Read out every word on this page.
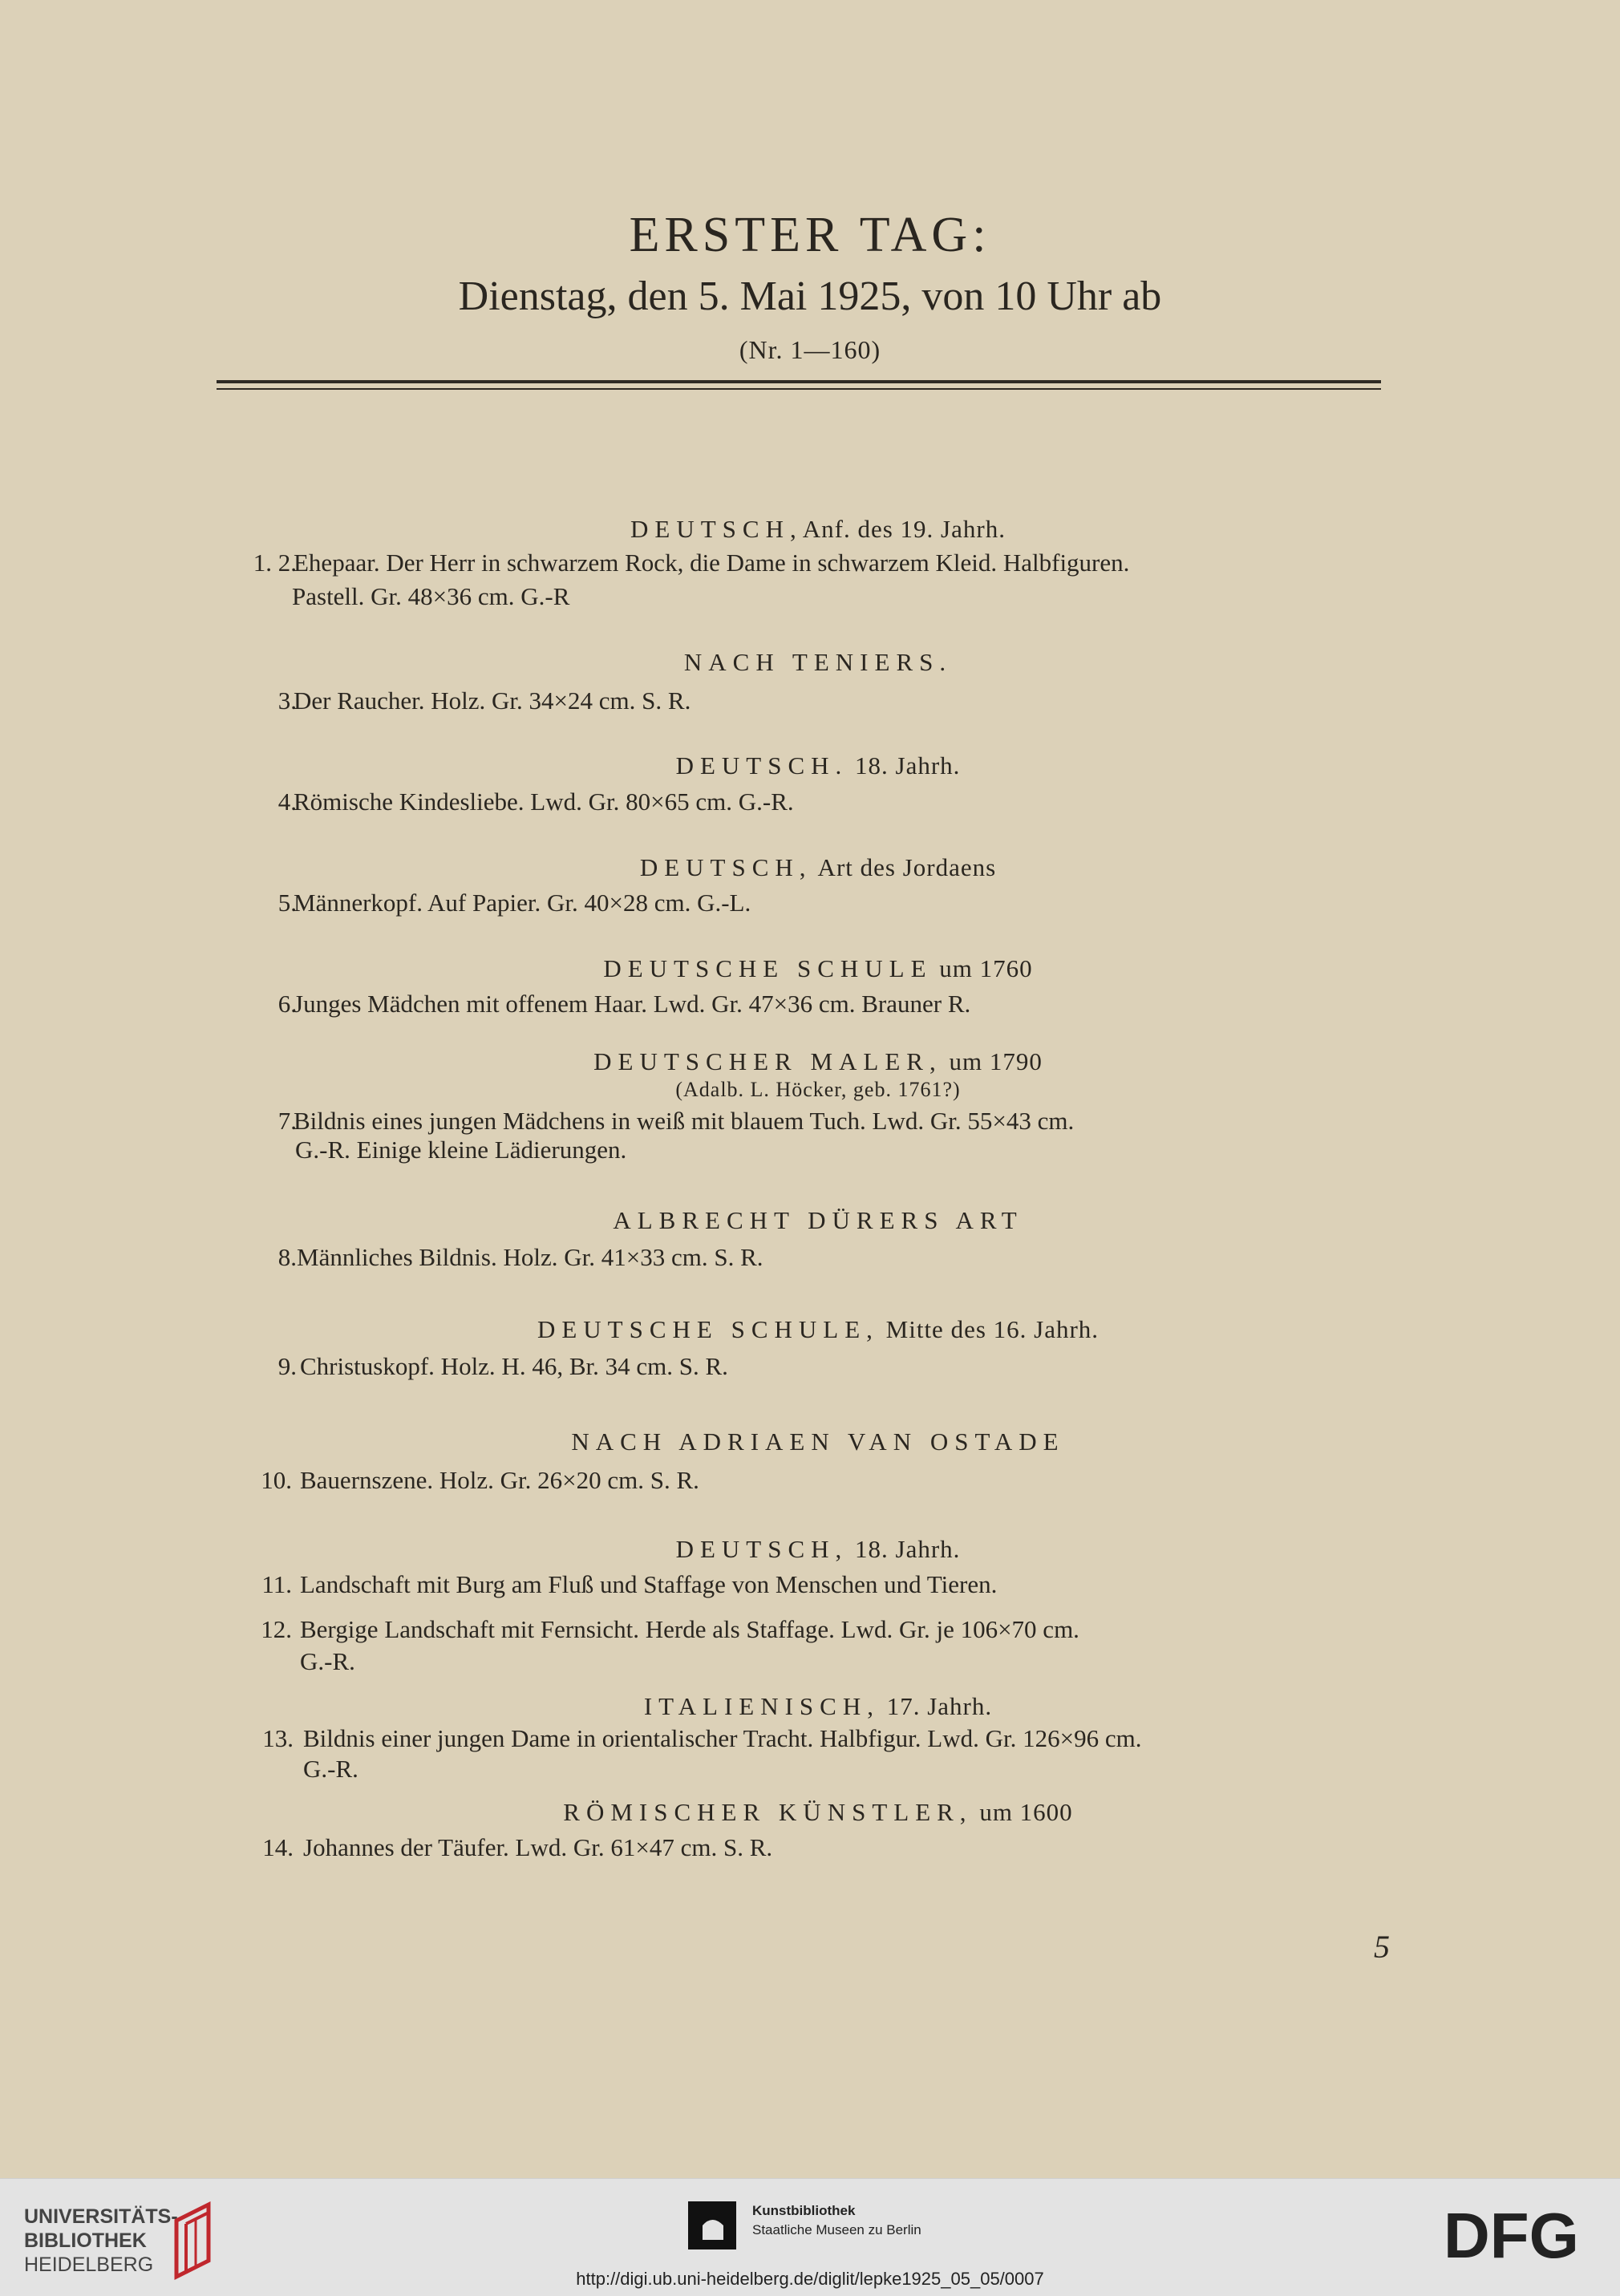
ERSTER TAG:
Dienstag, den 5. Mai 1925, von 10 Uhr ab
(Nr. 1—160)
DEUTSCH, Anf. des 19. Jahrh.
1. 2.
Ehepaar. Der Herr in schwarzem Rock, die Dame in schwarzem Kleid. Halbfiguren.
Pastell. Gr. 48×36 cm. G.-R
NACH TENIERS.
3.
Der Raucher. Holz. Gr. 34×24 cm. S. R.
DEUTSCH. 18. Jahrh.
4.
Römische Kindesliebe. Lwd. Gr. 80×65 cm. G.-R.
DEUTSCH, Art des Jordaens
5.
Männerkopf. Auf Papier. Gr. 40×28 cm. G.-L.
DEUTSCHE SCHULE um 1760
6.
Junges Mädchen mit offenem Haar. Lwd. Gr. 47×36 cm. Brauner R.
DEUTSCHER MALER, um 1790
(Adalb. L. Höcker, geb. 1761?)
7.
Bildnis eines jungen Mädchens in weiß mit blauem Tuch. Lwd. Gr. 55×43 cm.
G.-R. Einige kleine Lädierungen.
ALBRECHT DÜRERS ART
8. Männliches Bildnis. Holz. Gr. 41×33 cm. S. R.
DEUTSCHE SCHULE, Mitte des 16. Jahrh.
9. Christuskopf. Holz. H. 46, Br. 34 cm. S. R.
NACH ADRIAEN VAN OSTADE
10. Bauernszene. Holz. Gr. 26×20 cm. S. R.
DEUTSCH, 18. Jahrh.
11. Landschaft mit Burg am Fluß und Staffage von Menschen und Tieren.
12. Bergige Landschaft mit Fernsicht. Herde als Staffage. Lwd. Gr. je 106×70 cm.
G.-R.
ITALIENISCH, 17. Jahrh.
13. Bildnis einer jungen Dame in orientalischer Tracht. Halbfigur. Lwd. Gr. 126×96 cm.
G.-R.
RÖMISCHER KÜNSTLER, um 1600
14. Johannes der Täufer. Lwd. Gr. 61×47 cm. S. R.
5
UNIVERSITÄTS-
BIBLIOTHEK
HEIDELBERG
Kunstbibliothek
Staatliche Museen zu Berlin	DFG
http://digi.ub.uni-heidelberg.de/diglit/lepke1925_05_05/0007
